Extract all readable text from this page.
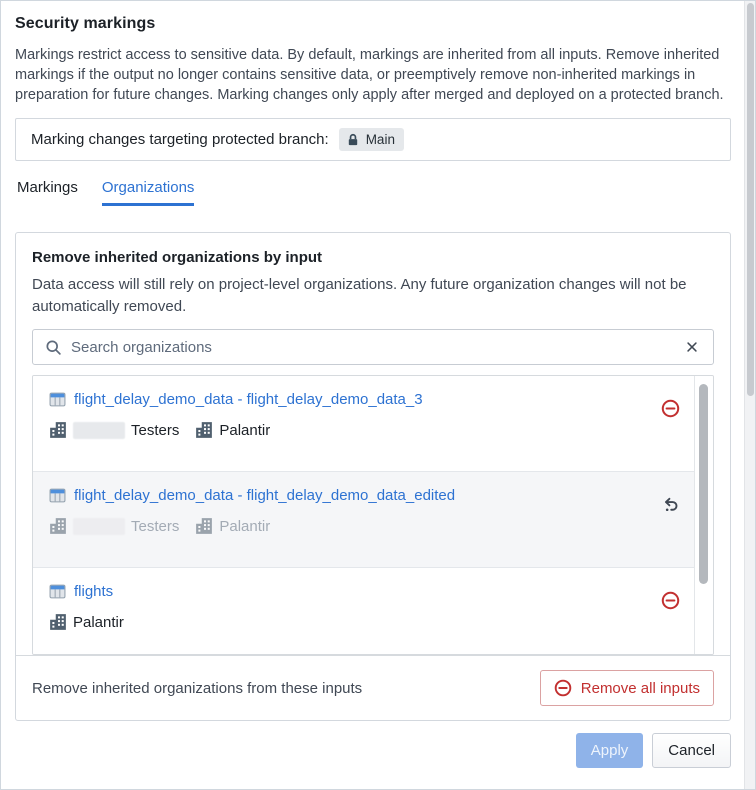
Security markings

Markings restrict access to sensitive data. By default, markings are inherited from all inputs. Remove inherited markings if the output no longer contains sensitive data, or preemptively remove non-inherited markings in preparation for future changes. Marking changes only apply after merged and deployed on a protected branch.

Marking changes targeting protected branch:	Main
Markings Organizations
Remove inherited organizations by input

Data access will still rely on project-level organizations. Any future organization changes will not be automatically removed.

Search organizations
flight_delay_demo_data - flight_delay_demo_data_3
Testers	Palantir
flight_delay_demo_data - flight_delay_demo_data_edited
Testers	Palantir
flights
Palantir
Remove inherited organizations from these inputs	Remove all inputs
Apply	Cancel
